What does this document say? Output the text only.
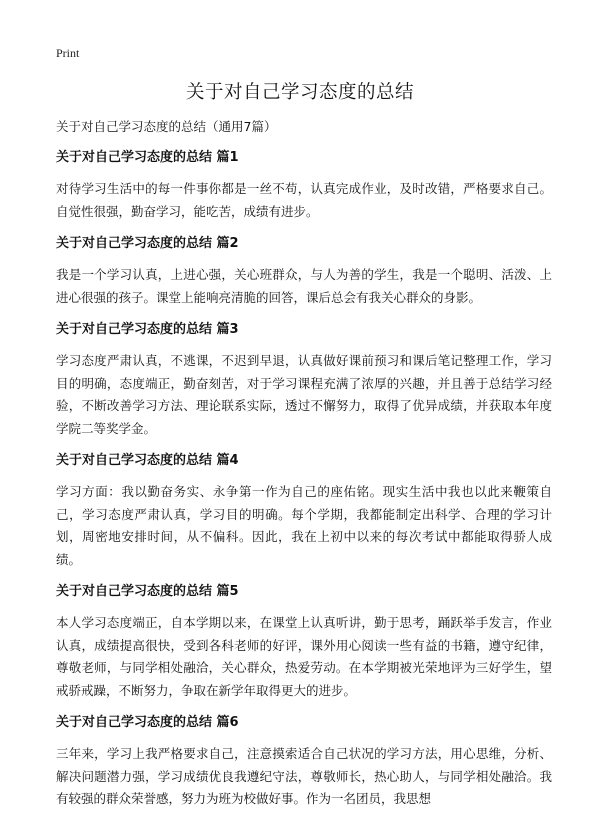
Print
关于对自己学习态度的总结

关于对自己学习态度的总结（通用7篇）

关于对自己学习态度的总结 篇1

对待学习生活中的每一件事你都是一丝不苟，认真完成作业，及时改错，严格要求自己。自觉性很强，勤奋学习，能吃苦，成绩有进步。

关于对自己学习态度的总结 篇2

我是一个学习认真，上进心强，关心班群众，与人为善的学生，我是一个聪明、活泼、上进心很强的孩子。课堂上能响亮清脆的回答，课后总会有我关心群众的身影。

关于对自己学习态度的总结 篇3

学习态度严肃认真，不逃课，不迟到早退，认真做好课前预习和课后笔记整理工作，学习目的明确，态度端正，勤奋刻苦，对于学习课程充满了浓厚的兴趣，并且善于总结学习经验，不断改善学习方法、理论联系实际，透过不懈努力，取得了优异成绩，并获取本年度学院二等奖学金。

关于对自己学习态度的总结 篇4

学习方面：我以勤奋务实、永争第一作为自己的座佑铭。现实生活中我也以此来鞭策自己，学习态度严肃认真，学习目的明确。每个学期，我都能制定出科学、合理的学习计划，周密地安排时间，从不偏科。因此，我在上初中以来的每次考试中都能取得骄人成绩。

关于对自己学习态度的总结 篇5

本人学习态度端正，自本学期以来，在课堂上认真听讲，勤于思考，踊跃举手发言，作业认真，成绩提高很快，受到各科老师的好评，课外用心阅读一些有益的书籍，遵守纪律，尊敬老师，与同学相处融洽，关心群众，热爱劳动。在本学期被光荣地评为三好学生，望戒骄戒躁，不断努力，争取在新学年取得更大的进步。

关于对自己学习态度的总结 篇6

三年来，学习上我严格要求自己，注意摸索适合自己状况的学习方法，用心思维，分析、解决问题潜力强，学习成绩优良我遵纪守法，尊敬师长，热心助人，与同学相处融洽。我有较强的群众荣誉感，努力为班为校做好事。作为一名团员，我思想
